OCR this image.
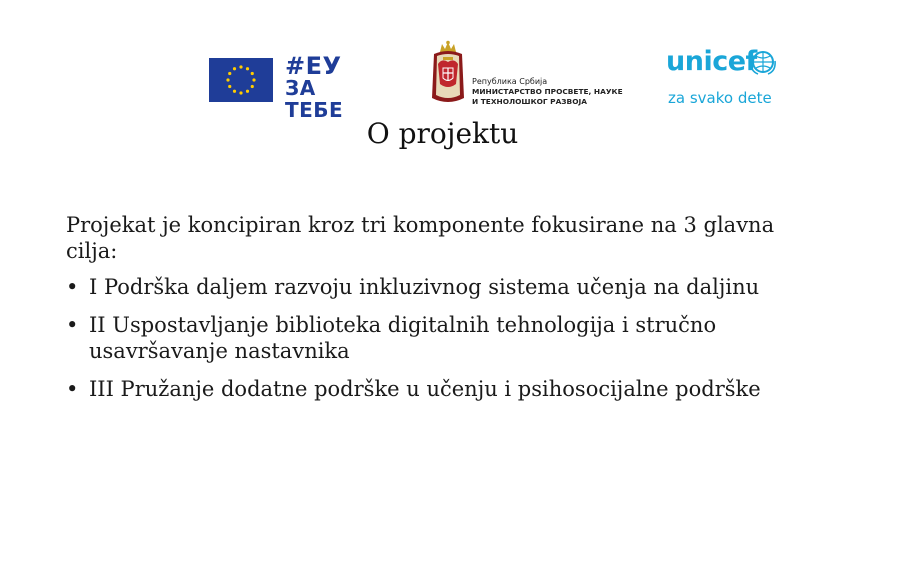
#ЕУ
ЗА ТЕБЕ
Република Србија
МИНИСТАРСТВО ПРОСВЕТЕ, НАУКЕ
И ТЕХНОЛОШКОГ РАЗВОЈА
unicef
za svako dete
O projektu

Projekat je koncipiran kroz tri komponente fokusirane na 3 glavna cilja:

• I Podrška daljem razvoju inkluzivnog sistema učenja na daljinu
• II Uspostavljanje biblioteka digitalnih tehnologija i stručno usavršavanje nastavnika
• III Pružanje dodatne podrške u učenju i psihosocijalne podrške
